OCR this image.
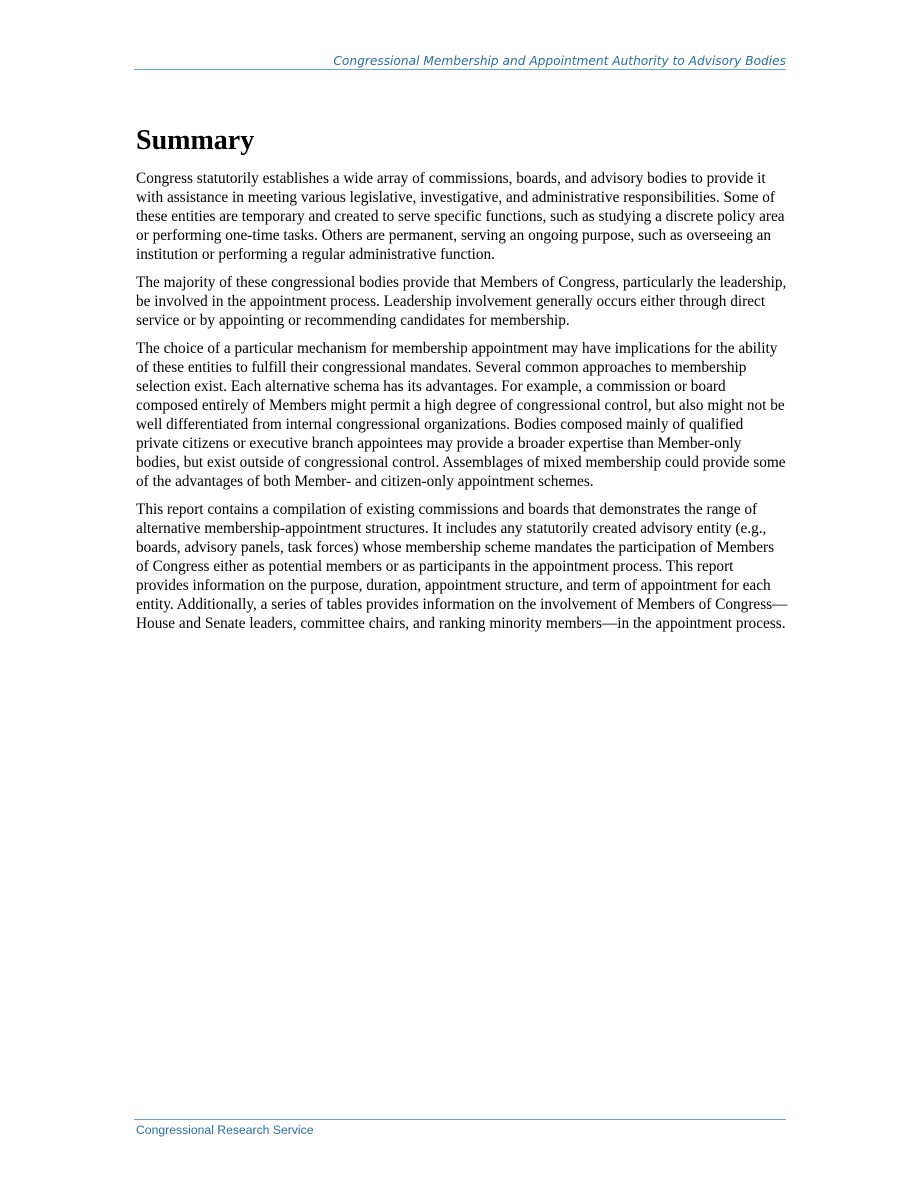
Congressional Membership and Appointment Authority to Advisory Bodies
Summary

Congress statutorily establishes a wide array of commissions, boards, and advisory bodies to provide it with assistance in meeting various legislative, investigative, and administrative responsibilities. Some of these entities are temporary and created to serve specific functions, such as studying a discrete policy area or performing one-time tasks. Others are permanent, serving an ongoing purpose, such as overseeing an institution or performing a regular administrative function.

The majority of these congressional bodies provide that Members of Congress, particularly the leadership, be involved in the appointment process. Leadership involvement generally occurs either through direct service or by appointing or recommending candidates for membership.

The choice of a particular mechanism for membership appointment may have implications for the ability of these entities to fulfill their congressional mandates. Several common approaches to membership selection exist. Each alternative schema has its advantages. For example, a commission or board composed entirely of Members might permit a high degree of congressional control, but also might not be well differentiated from internal congressional organizations. Bodies composed mainly of qualified private citizens or executive branch appointees may provide a broader expertise than Member-only bodies, but exist outside of congressional control. Assemblages of mixed membership could provide some of the advantages of both Member- and citizen-only appointment schemes.

This report contains a compilation of existing commissions and boards that demonstrates the range of alternative membership-appointment structures. It includes any statutorily created advisory entity (e.g., boards, advisory panels, task forces) whose membership scheme mandates the participation of Members of Congress either as potential members or as participants in the appointment process. This report provides information on the purpose, duration, appointment structure, and term of appointment for each entity. Additionally, a series of tables provides information on the involvement of Members of Congress—House and Senate leaders, committee chairs, and ranking minority members—in the appointment process.

Congressional Research Service
